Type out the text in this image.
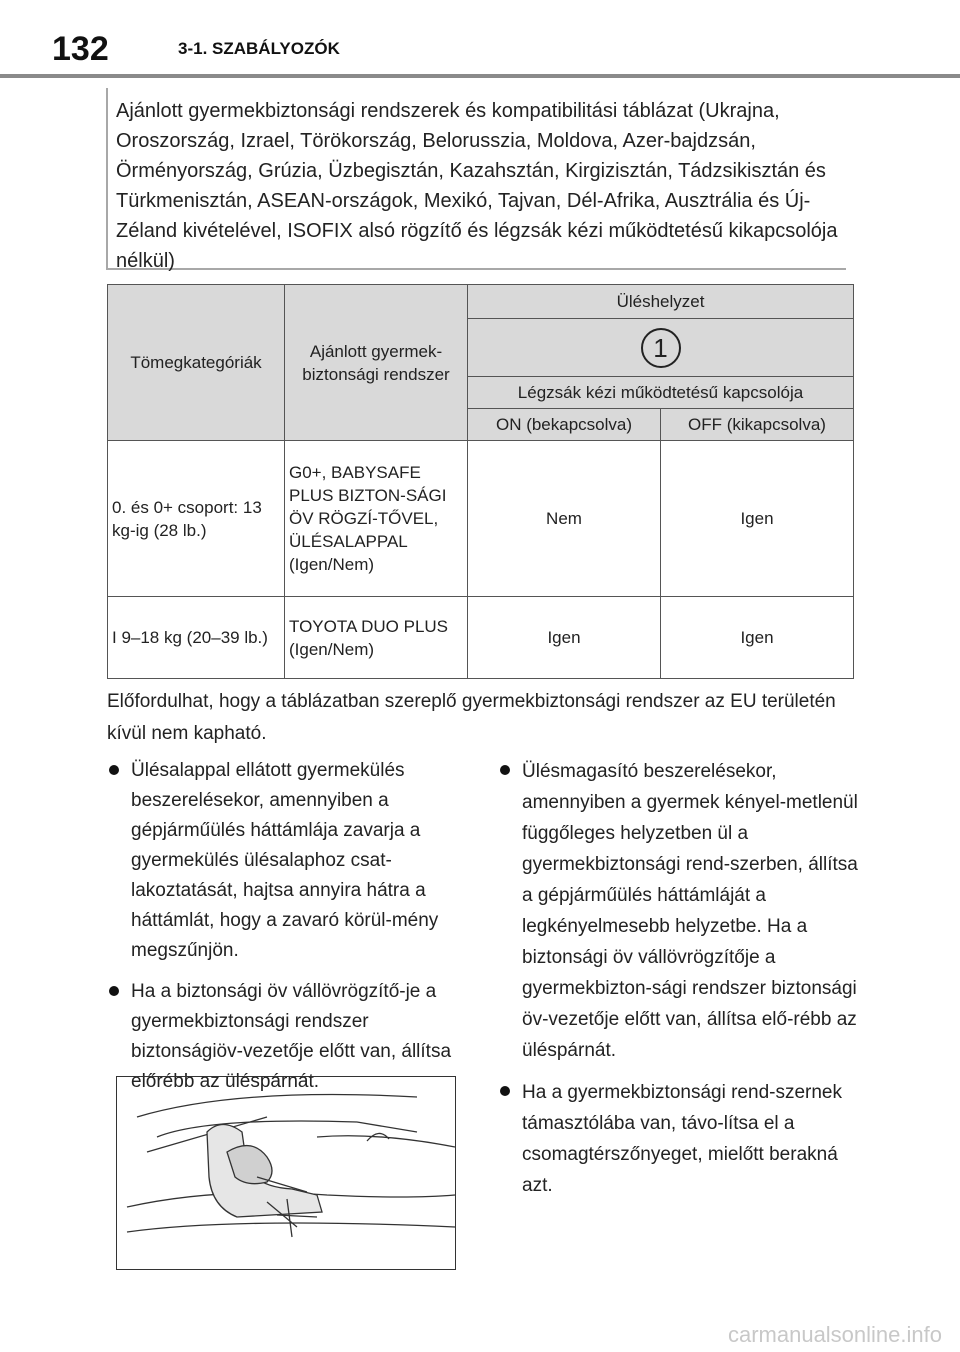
132	3-1. SZABÁLYOZÓK
Ajánlott gyermekbiztonsági rendszerek és kompatibilitási táblázat (Ukrajna, Oroszország, Izrael, Törökország, Belorusszia, Moldova, Azer-bajdzsán, Örményország, Grúzia, Üzbegisztán, Kazahsztán, Kirgizisztán, Tádzsikisztán és Türkmenisztán, ASEAN-országok, Mexikó, Tajvan, Dél-Afrika, Ausztrália és Új-Zéland kivételével, ISOFIX alsó rögzítő és légzsák kézi működtetésű kikapcsolója nélkül)
Tömegkategóriák	Ajánlott gyermek-biztonsági rendszer	Üléshelyzet	
		1	
		Légzsák kézi működtetésű kapcsolója	
		ON (bekapcsolva)	OFF (kikapcsolva)
0. és 0+ csoport: 13 kg-ig (28 lb.)	G0+, BABYSAFE PLUS BIZTON-SÁGI ÖV RÖGZÍ-TŐVEL, ÜLÉSALAPPAL (Igen/Nem)	Nem	Igen
I 9–18 kg (20–39 lb.)	TOYOTA DUO PLUS (Igen/Nem)	Igen	Igen
Előfordulhat, hogy a táblázatban szereplő gyermekbiztonsági rendszer az EU területén kívül nem kapható.
Ülésalappal ellátott gyermekülés beszerelésekor, amennyiben a gépjárműülés háttámlája zavarja a gyermekülés ülésalaphoz csat-lakoztatását, hajtsa annyira hátra a háttámlát, hogy a zavaró körül-mény megszűnjön.
Ha a biztonsági öv vállövrögzítő-je a gyermekbiztonsági rendszer biztonságiöv-vezetője előtt van, állítsa előrébb az üléspárnát.
Ülésmagasító beszerelésekor, amennyiben a gyermek kényel-metlenül függőleges helyzetben ül a gyermekbiztonsági rend-szerben, állítsa a gépjárműülés háttámláját a legkényelmesebb helyzetbe. Ha a biztonsági öv vállövrögzítője a gyermekbizton-sági rendszer biztonsági öv-vezetője előtt van, állítsa elő-rébb az üléspárnát.
Ha a gyermekbiztonsági rend-szernek támasztólába van, távo-lítsa el a csomagtérszőnyeget, mielőtt berakná azt.
carmanualsonline.info
